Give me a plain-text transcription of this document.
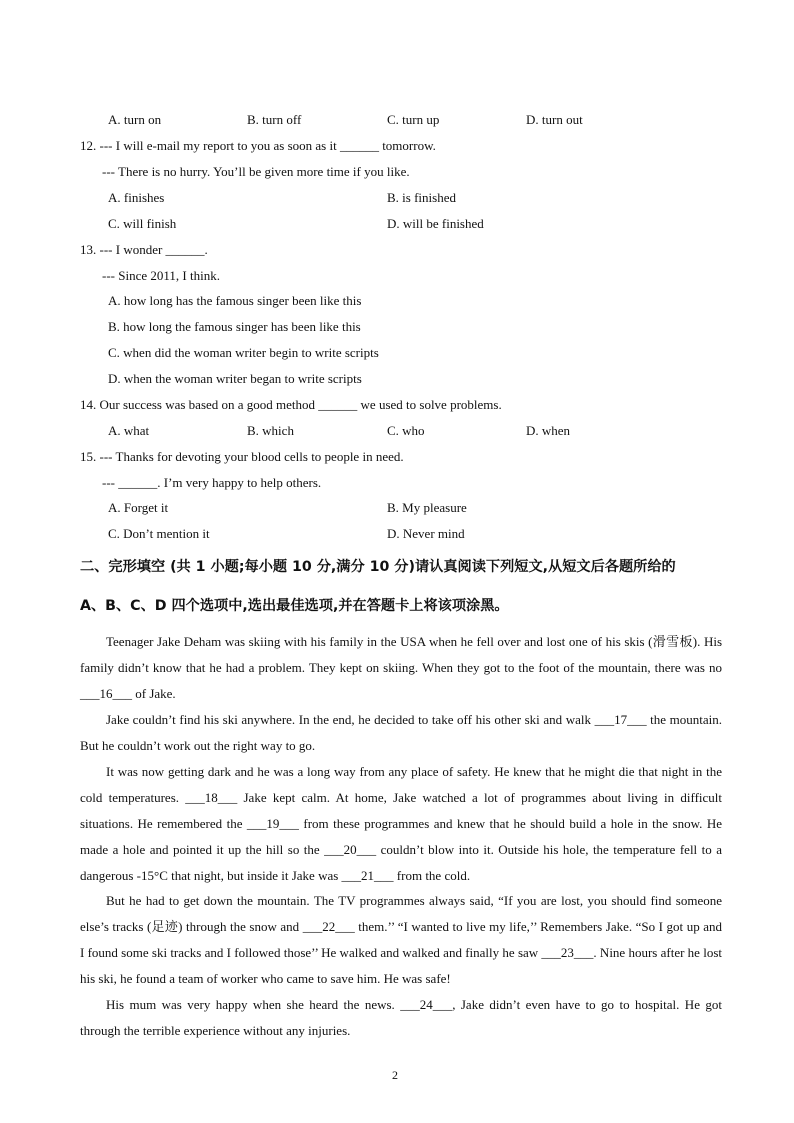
A. turn on	B. turn off	C. turn up	D. turn out
12. --- I will e-mail my report to you as soon as it ______ tomorrow.
--- There is no hurry. You’ll be given more time if you like.
A. finishes	B. is finished
C. will finish	D. will be finished
13. --- I wonder ______.
--- Since 2011, I think.
A. how long has the famous singer been like this
B. how long the famous singer has been like this
C. when did the woman writer begin to write scripts
D. when the woman writer began to write scripts
14. Our success was based on a good method ______ we used to solve problems.
A. what	B. which	C. who	D. when
15. --- Thanks for devoting your blood cells to people in need.
--- ______. I’m very happy to help others.
A. Forget it	B. My pleasure
C. Don’t mention it	D. Never mind
二、完形填空 (共 1 小题;每小题 10 分,满分 10 分)请认真阅读下列短文,从短文后各题所给的
A、B、C、D 四个选项中,选出最佳选项,并在答题卡上将该项涂黑。
Teenager Jake Deham was skiing with his family in the USA when he fell over and lost one of his skis (滑雪板). His family didn’t know that he had a problem. They kept on skiing. When they got to the foot of the mountain, there was no ___16___ of Jake.
Jake couldn’t find his ski anywhere. In the end, he decided to take off his other ski and walk ___17___ the mountain. But he couldn’t work out the right way to go.
It was now getting dark and he was a long way from any place of safety. He knew that he might die that night in the cold temperatures. ___18___ Jake kept calm. At home, Jake watched a lot of programmes about living in difficult situations. He remembered the ___19___ from these programmes and knew that he should build a hole in the snow. He made a hole and pointed it up the hill so the ___20___ couldn’t blow into it. Outside his hole, the temperature fell to a dangerous -15°C that night, but inside it Jake was ___21___ from the cold.
But he had to get down the mountain. The TV programmes always said, “If you are lost, you should find someone else’s tracks (足迹) through the snow and ___22___ them.’’ “I wanted to live my life,’’ Remembers Jake. “So I got up and I found some ski tracks and I followed those’’ He walked and walked and finally he saw ___23___. Nine hours after he lost his ski, he found a team of worker who came to save him. He was safe!
His mum was very happy when she heard the news. ___24___, Jake didn’t even have to go to hospital. He got through the terrible experience without any injuries.
2
